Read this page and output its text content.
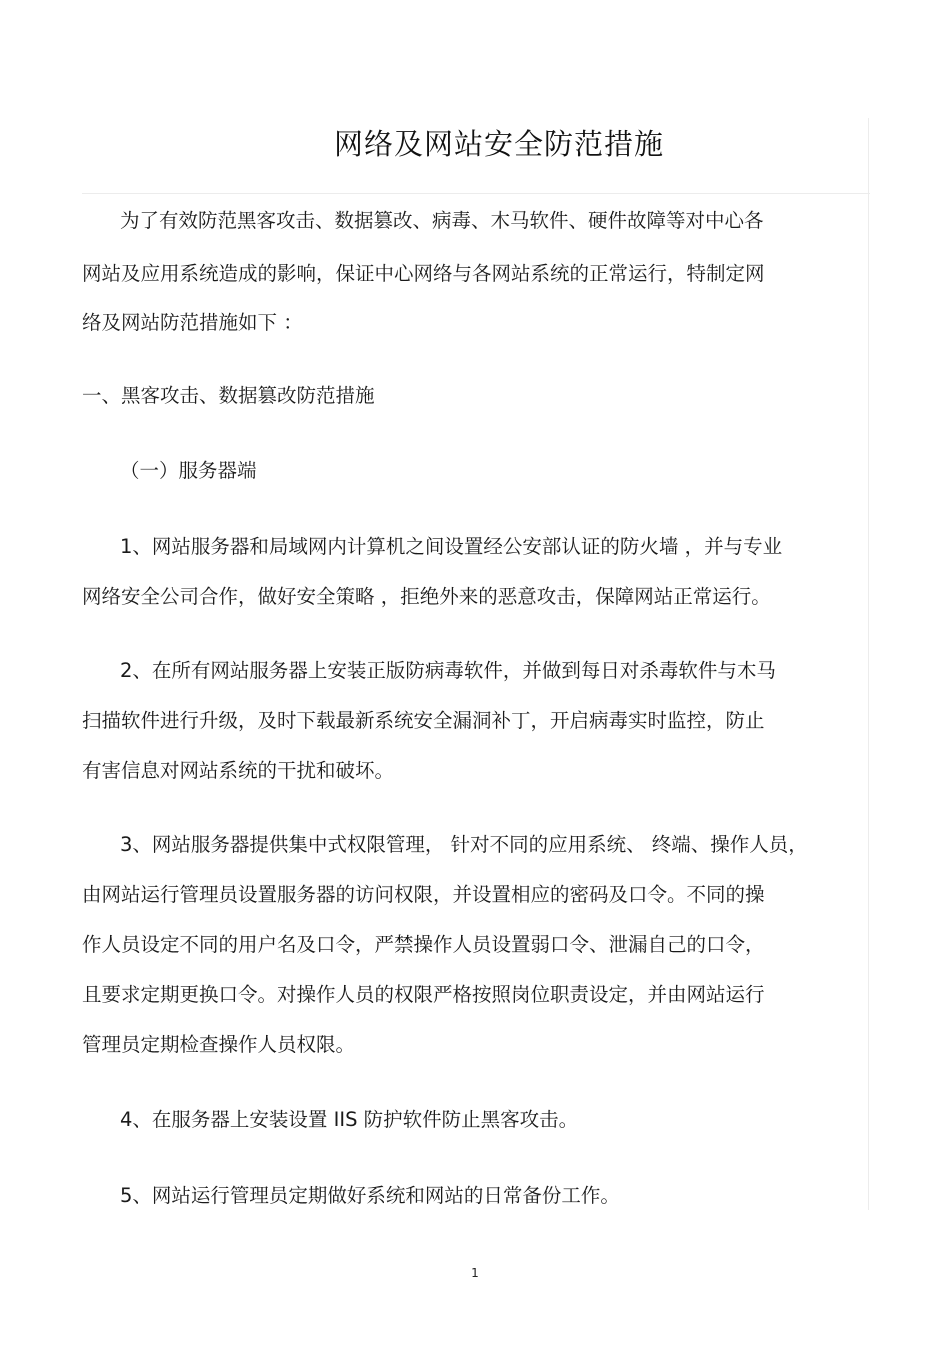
网络及网站安全防范措施
为了有效防范黑客攻击、数据篡改、病毒、木马软件、硬件故障等对中心各
网站及应用系统造成的影响，保证中心网络与各网站系统的正常运行，特制定网
络及网站防范措施如下 ：
一、黑客攻击、数据篡改防范措施
（一）服务器端
1、网站服务器和局域网内计算机之间设置经公安部认证的防火墙 ，并与专业
网络安全公司合作，做好安全策略 ，拒绝外来的恶意攻击，保障网站正常运行。
2、在所有网站服务器上安装正版防病毒软件，并做到每日对杀毒软件与木马
扫描软件进行升级，及时下载最新系统安全漏洞补丁，开启病毒实时监控，防止
有害信息对网站系统的干扰和破坏。
3、网站服务器提供集中式权限管理， 针对不同的应用系统、 终端、操作人员，
由网站运行管理员设置服务器的访问权限，并设置相应的密码及口令。不同的操
作人员设定不同的用户名及口令，严禁操作人员设置弱口令、泄漏自己的口令，
且要求定期更换口令。对操作人员的权限严格按照岗位职责设定，并由网站运行
管理员定期检查操作人员权限。
4、在服务器上安装设置 IIS 防护软件防止黑客攻击。
5、网站运行管理员定期做好系统和网站的日常备份工作。
1
